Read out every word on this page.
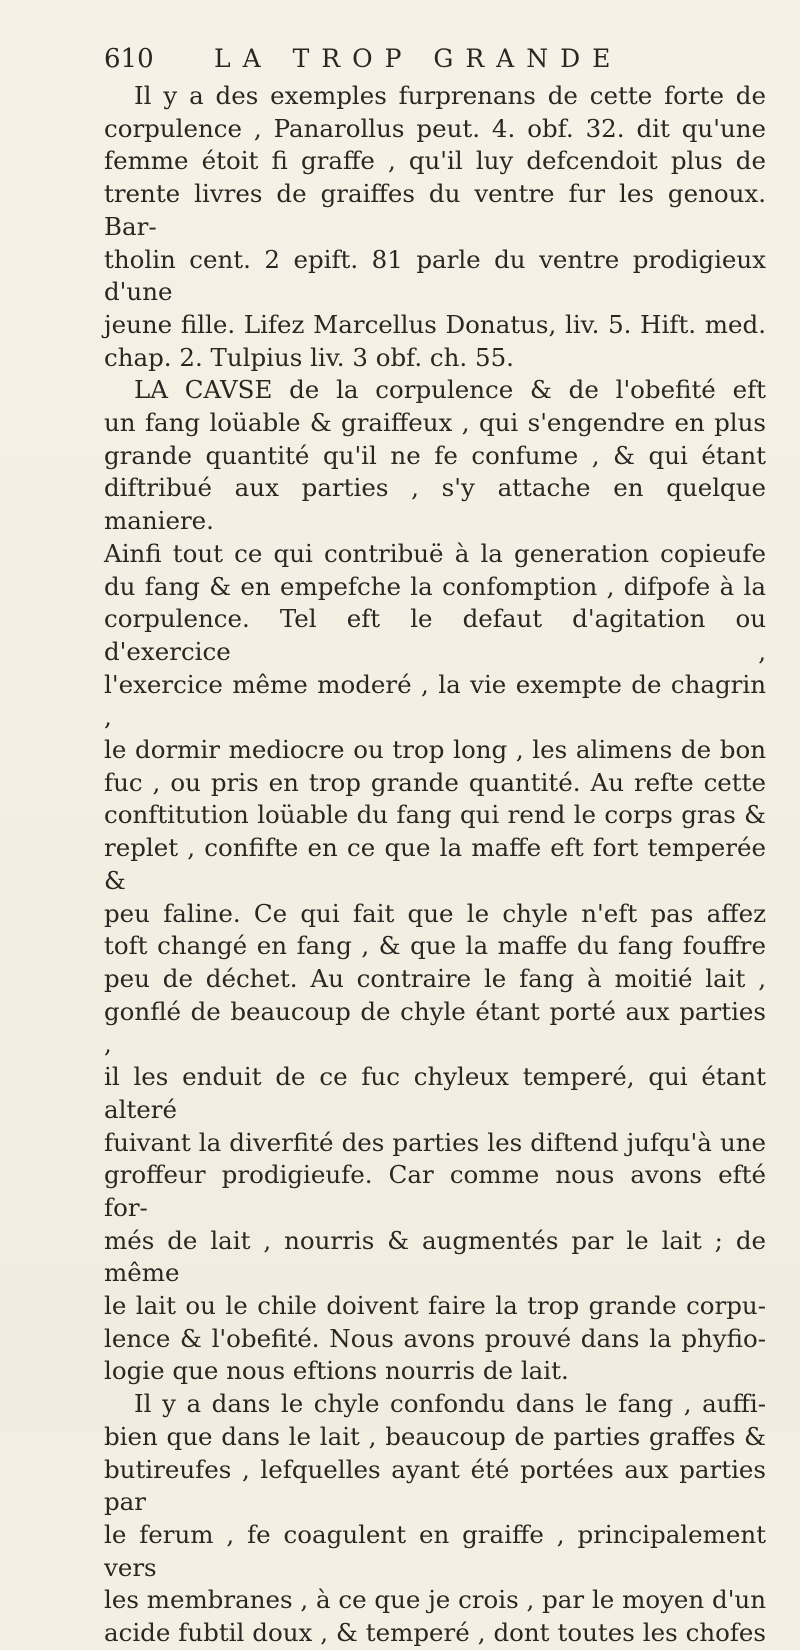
610	LA TROP GRANDE

Il y a des exemples furprenans de cette forte de

corpulence , Panarollus peut. 4. obf. 32. dit qu'une

femme étoit fi graffe , qu'il luy defcendoit plus de

trente livres de graiffes du ventre fur les genoux. Bar-

tholin cent. 2 epift. 81 parle du ventre prodigieux d'une

jeune fille. Lifez Marcellus Donatus, liv. 5. Hift. med.

chap. 2. Tulpius liv. 3 obf. ch. 55.

LA CAVSE de la corpulence & de l'obefité eft

un fang loüable & graiffeux , qui s'engendre en plus

grande quantité qu'il ne fe confume , & qui étant

diftribué aux parties , s'y attache en quelque maniere.

Ainfi tout ce qui contribuë à la generation copieufe

du fang & en empefche la confomption , difpofe à la

corpulence. Tel eft le defaut d'agitation ou d'exercice ,

l'exercice même moderé , la vie exempte de chagrin ,

le dormir mediocre ou trop long , les alimens de bon

fuc , ou pris en trop grande quantité. Au refte cette

conftitution loüable du fang qui rend le corps gras &

replet , confifte en ce que la maffe eft fort temperée &

peu faline. Ce qui fait que le chyle n'eft pas affez

toft changé en fang , & que la maffe du fang fouffre

peu de déchet. Au contraire le fang à moitié lait ,

gonflé de beaucoup de chyle étant porté aux parties ,

il les enduit de ce fuc chyleux temperé, qui étant alteré

fuivant la diverfité des parties les diftend jufqu'à une

groffeur prodigieufe. Car comme nous avons efté for-

més de lait , nourris & augmentés par le lait ; de même

le lait ou le chile doivent faire la trop grande corpu-

lence & l'obefité. Nous avons prouvé dans la phyfio-

logie que nous eftions nourris de lait.

Il y a dans le chyle confondu dans le fang , auffi-

bien que dans le lait , beaucoup de parties graffes &

butireufes , lefquelles ayant été portées aux parties par

le ferum , fe coagulent en graiffe , principalement vers

les membranes , à ce que je crois , par le moyen d'un

acide fubtil doux , & temperé , dont toutes les chofes
